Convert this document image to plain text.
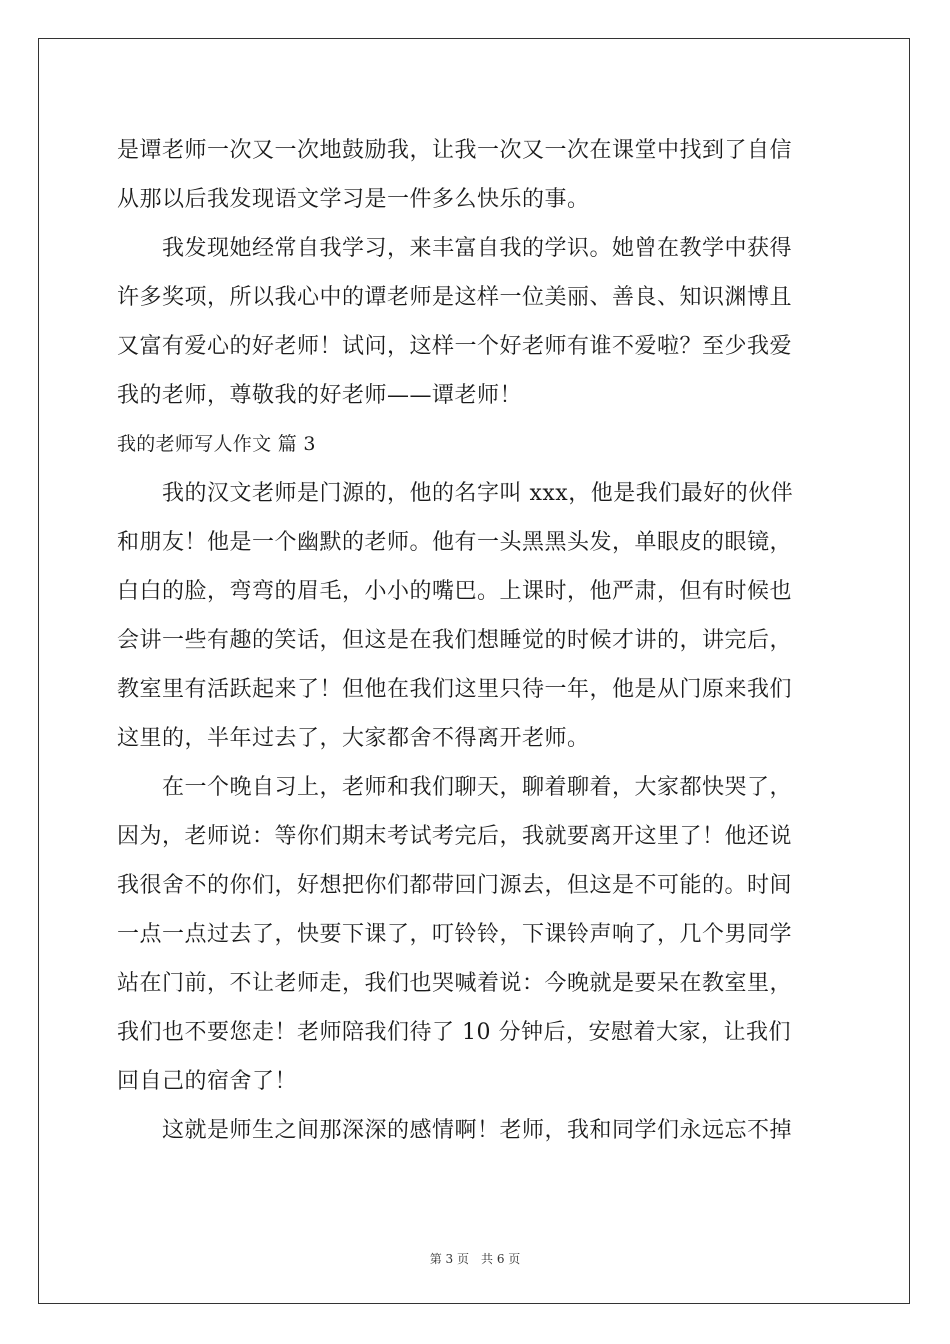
是谭老师一次又一次地鼓励我，让我一次又一次在课堂中找到了自信
从那以后我发现语文学习是一件多么快乐的事。
　　我发现她经常自我学习，来丰富自我的学识。她曾在教学中获得
许多奖项，所以我心中的谭老师是这样一位美丽、善良、知识渊博且
又富有爱心的好老师！试问，这样一个好老师有谁不爱啦？至少我爱
我的老师，尊敬我的好老师——谭老师！
我的老师写人作文 篇 3
　　我的汉文老师是门源的，他的名字叫 xxx，他是我们最好的伙伴
和朋友！他是一个幽默的老师。他有一头黑黑头发，单眼皮的眼镜，
白白的脸，弯弯的眉毛，小小的嘴巴。上课时，他严肃，但有时候也
会讲一些有趣的笑话，但这是在我们想睡觉的时候才讲的，讲完后，
教室里有活跃起来了！但他在我们这里只待一年，他是从门原来我们
这里的，半年过去了，大家都舍不得离开老师。
　　在一个晚自习上，老师和我们聊天，聊着聊着，大家都快哭了，
因为，老师说：等你们期末考试考完后，我就要离开这里了！他还说
我很舍不的你们，好想把你们都带回门源去，但这是不可能的。时间
一点一点过去了，快要下课了，叮铃铃，下课铃声响了，几个男同学
站在门前，不让老师走，我们也哭喊着说：今晚就是要呆在教室里，
我们也不要您走！老师陪我们待了 10 分钟后，安慰着大家，让我们
回自己的宿舍了！
　　这就是师生之间那深深的感情啊！老师，我和同学们永远忘不掉
第 3 页　共 6 页
